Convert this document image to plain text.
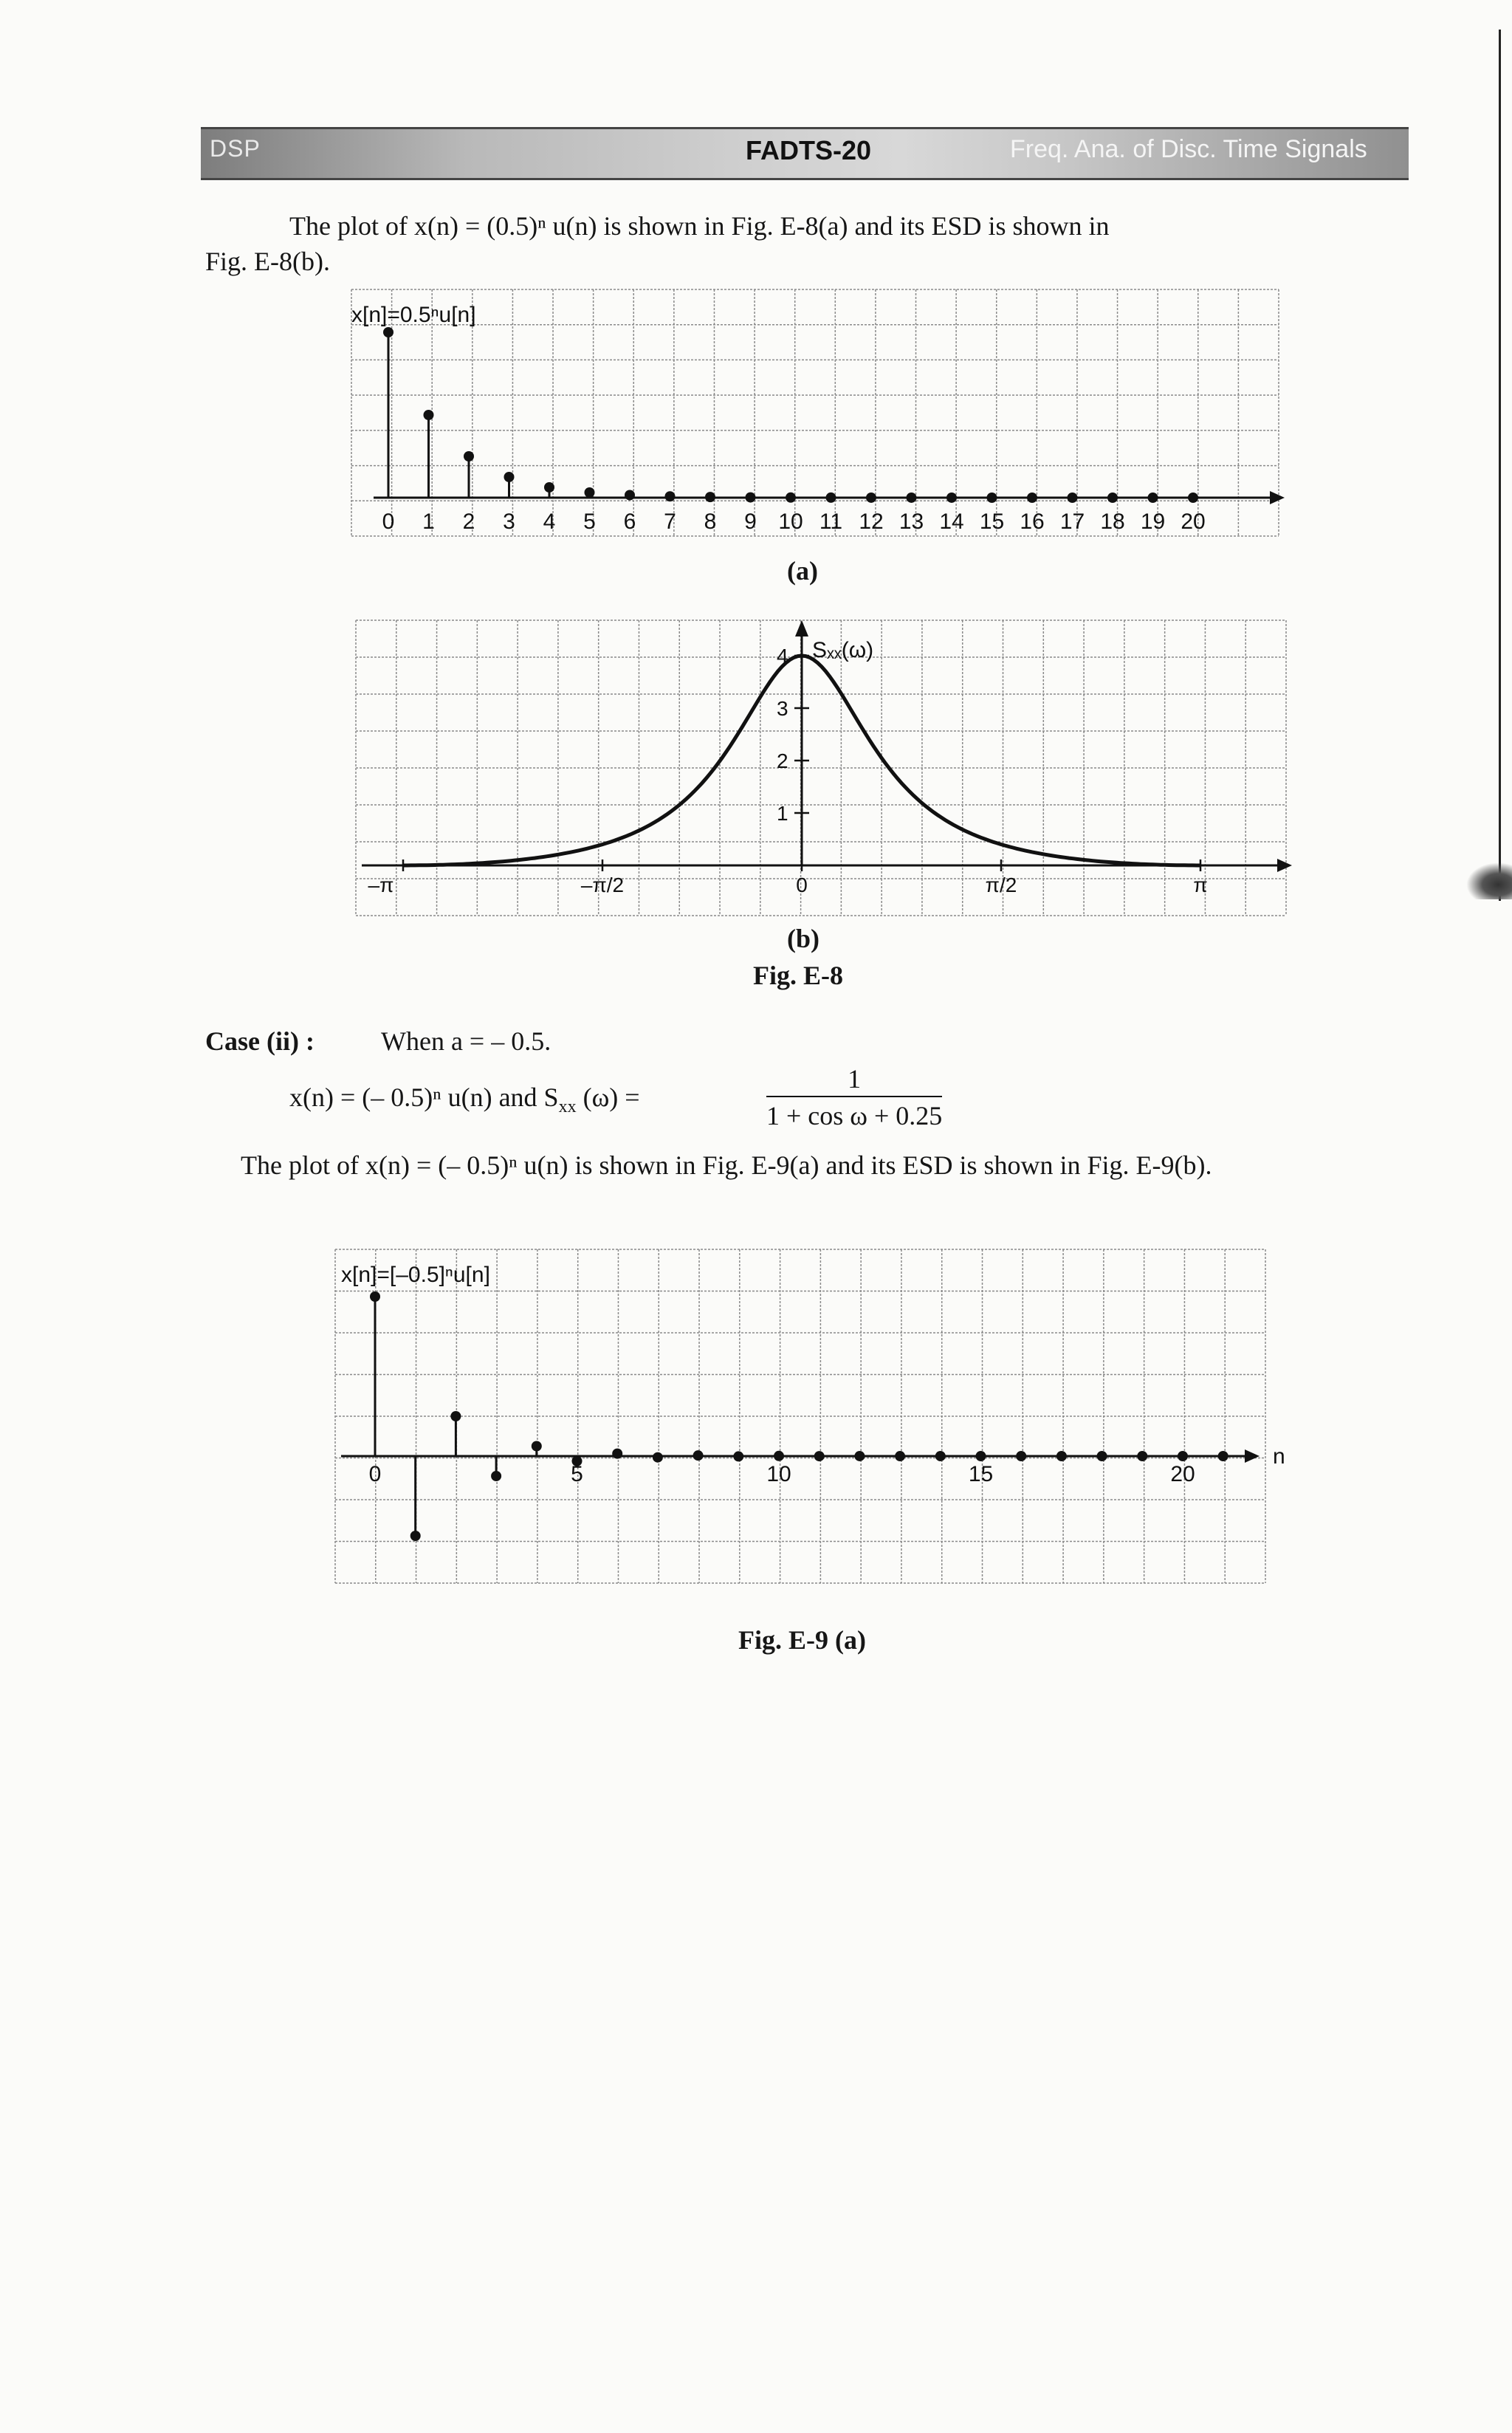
DSP	FADTS-20	Freq. Ana. of Disc. Time Signals

The plot of x(n) = (0.5)ⁿ u(n) is shown in Fig. E-8(a) and its ESD is shown in

Fig. E-8(b).

x[n]=0.5ⁿu[n]
0 1 2 3 4 5 6 7 8 9 10 11 12 13 14 15 16 17 18 19 20

(a)

Sₓₓ(ω)
1
2
3
4
–π	–π/2	0	π/2	π

(b)

Fig. E-8

Case (ii) :	When a = – 0.5.

x(n) = (– 0.5)ⁿ u(n) and $S_{xx}$ (ω) =	$\frac{1}{\text{1 + cos ω + 0.25}}$

The plot of x(n) = (– 0.5)ⁿ u(n) is shown in Fig. E-9(a) and its ESD is shown in Fig. E-9(b).

n
x[n]=[–0.5]ⁿu[n]
0	5	10	15	20

Fig. E-9 (a)
